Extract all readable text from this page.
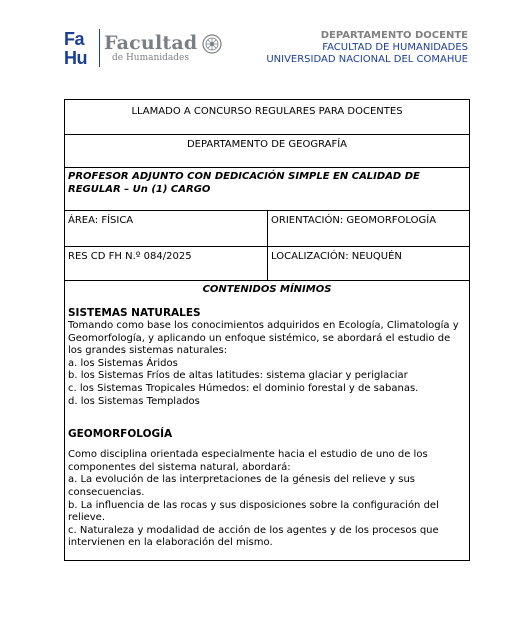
Fa
Hu
Facultad
de Humanidades
DEPARTAMENTO DOCENTE
FACULTAD DE HUMANIDADES
UNIVERSIDAD NACIONAL DEL COMAHUE
LLAMADO A CONCURSO REGULARES PARA DOCENTES
DEPARTAMENTO DE GEOGRAFÍA
PROFESOR ADJUNTO CON DEDICACIÓN SIMPLE EN CALIDAD DE REGULAR – Un (1) CARGO
ÁREA: FÍSICA	ORIENTACIÓN: GEOMORFOLOGÍA
RES CD FH N.º 084/2025	LOCALIZACIÓN: NEUQUÉN
CONTENIDOS MÍNIMOS
SISTEMAS NATURALES
Tomando como base los conocimientos adquiridos en Ecología, Climatología y Geomorfología, y aplicando un enfoque sistémico, se abordará el estudio de los grandes sistemas naturales:
a. los Sistemas Áridos
b. los Sistemas Fríos de altas latitudes: sistema glaciar y periglaciar
c. los Sistemas Tropicales Húmedos: el dominio forestal y de sabanas.
d. los Sistemas Templados
GEOMORFOLOGÍA
Como disciplina orientada especialmente hacia el estudio de uno de los componentes del sistema natural, abordará:
a. La evolución de las interpretaciones de la génesis del relieve y sus consecuencias.
b. La influencia de las rocas y sus disposiciones sobre la configuración del relieve.
c. Naturaleza y modalidad de acción de los agentes y de los procesos que intervienen en la elaboración del mismo.
